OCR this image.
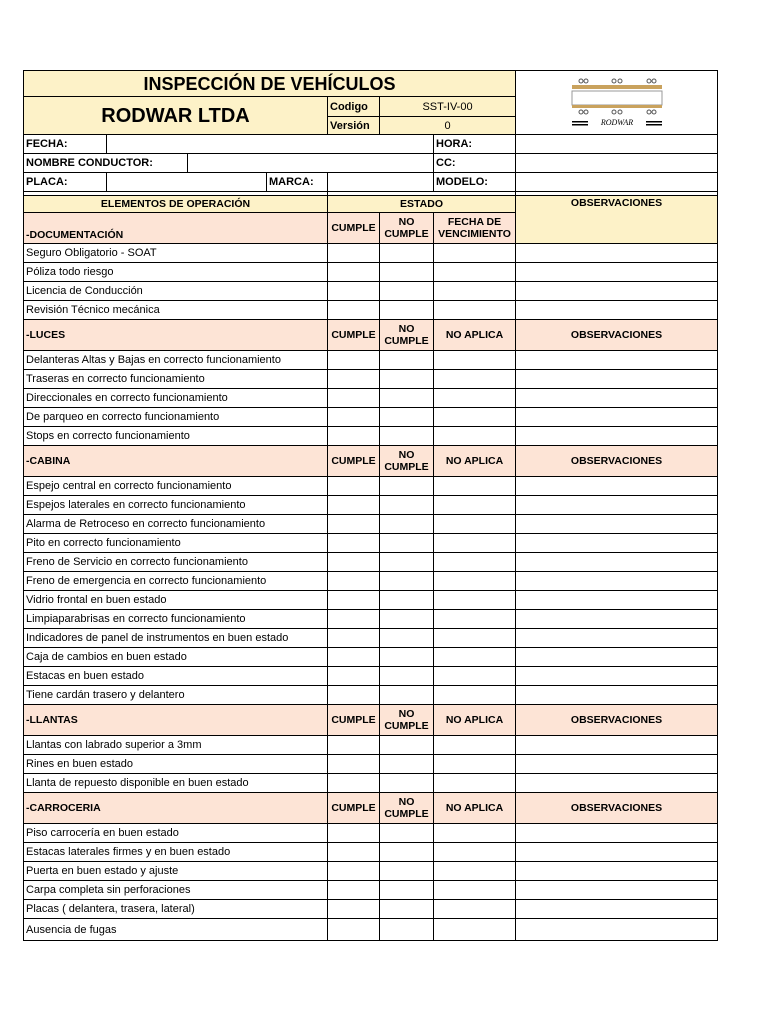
INSPECCIÓN DE VEHÍCULOS							RODWAR

RODWAR LTDA				Codigo	SST-IV-00		
				Versión	0		
FECHA:						HORA:	
NOMBRE CONDUCTOR:						CC:	
PLACA:			MARCA:			MODELO:	

ELEMENTOS DE OPERACIÓN				ESTADO			OBSERVACIONES
-DOCUMENTACIÓN				CUMPLE	NO CUMPLE	FECHA DE VENCIMIENTO	
Seguro Obligatorio - SOAT							
Póliza todo riesgo							
Licencia de Conducción							
Revisión Técnico mecánica							
-LUCES				CUMPLE	NO CUMPLE	NO APLICA	OBSERVACIONES
Delanteras Altas y Bajas en correcto funcionamiento							
Traseras en correcto funcionamiento							
Direccionales en correcto funcionamiento							
De parqueo en correcto funcionamiento							
Stops en correcto funcionamiento							
-CABINA				CUMPLE	NO CUMPLE	NO APLICA	OBSERVACIONES
Espejo central en correcto funcionamiento							
Espejos laterales en correcto funcionamiento							
Alarma de Retroceso en correcto funcionamiento							
Pito en correcto funcionamiento							
Freno de Servicio en correcto funcionamiento							
Freno de emergencia en correcto funcionamiento							
Vidrio frontal en buen estado							
Limpiaparabrisas en correcto funcionamiento							
Indicadores de panel de instrumentos en buen estado							
Caja de cambios en buen estado							
Estacas en buen estado							
Tiene cardán trasero y delantero							
-LLANTAS				CUMPLE	NO CUMPLE	NO APLICA	OBSERVACIONES
Llantas con labrado superior a 3mm							
Rines en buen estado							
Llanta de repuesto disponible en buen estado							
-CARROCERIA				CUMPLE	NO CUMPLE	NO APLICA	OBSERVACIONES
Piso carrocería en buen estado							
Estacas laterales firmes y en buen estado							
Puerta en buen estado y ajuste							
Carpa completa sin perforaciones							
Placas ( delantera, trasera, lateral)							
Ausencia de fugas							
